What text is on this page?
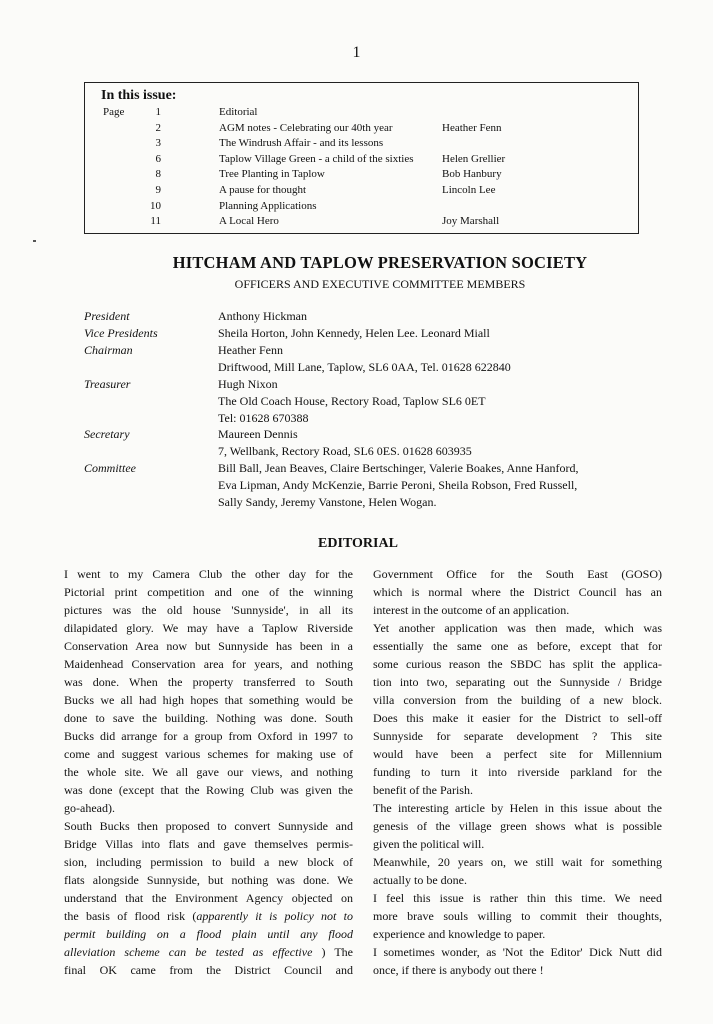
1
In this issue:
Page	1	Editorial
2	AGM notes - Celebrating our 40th year	Heather Fenn
3	The Windrush Affair - and its lessons
6	Taplow Village Green - a child of the sixties	Helen Grellier
8	Tree Planting in Taplow	Bob Hanbury
9	A pause for thought	Lincoln Lee
10	Planning Applications
11	A Local Hero	Joy Marshall
HITCHAM AND TAPLOW PRESERVATION SOCIETY
OFFICERS AND EXECUTIVE COMMITTEE MEMBERS
President	Anthony Hickman
Vice Presidents	Sheila Horton, John Kennedy, Helen Lee. Leonard Miall
Chairman	Heather Fenn
Driftwood, Mill Lane, Taplow, SL6 0AA, Tel. 01628 622840
Treasurer	Hugh Nixon
The Old Coach House, Rectory Road, Taplow SL6 0ET
Tel: 01628 670388
Secretary	Maureen Dennis
7, Wellbank, Rectory Road, SL6 0ES. 01628 603935
Committee	Bill Ball, Jean Beaves, Claire Bertschinger, Valerie Boakes, Anne Hanford,
Eva Lipman, Andy McKenzie, Barrie Peroni, Sheila Robson, Fred Russell,
Sally Sandy, Jeremy Vanstone, Helen Wogan.
EDITORIAL
I went to my Camera Club the other day for the
Pictorial print competition and one of the winning
pictures was the old house 'Sunnyside', in all its
dilapidated glory. We may have a Taplow Riverside
Conservation Area now but Sunnyside has been in a
Maidenhead Conservation area for years, and nothing
was done. When the property transferred to South
Bucks we all had high hopes that something would be
done to save the building. Nothing was done. South
Bucks did arrange for a group from Oxford in 1997 to
come and suggest various schemes for making use of
the whole site. We all gave our views, and nothing
was done (except that the Rowing Club was given the
go-ahead).
South Bucks then proposed to convert Sunnyside and
Bridge Villas into flats and gave themselves permis-
sion, including permission to build a new block of
flats alongside Sunnyside, but nothing was done. We
understand that the Environment Agency objected on
the basis of flood risk (apparently it is policy not to
permit building on a flood plain until any flood
alleviation scheme can be tested as effective ) The
final OK came from the District Council and
Government Office for the South East (GOSO)
which is normal where the District Council has an
interest in the outcome of an application.
Yet another application was then made, which was
essentially the same one as before, except that for
some curious reason the SBDC has split the applica-
tion into two, separating out the Sunnyside / Bridge
villa conversion from the building of a new block.
Does this make it easier for the District to sell-off
Sunnyside for separate development ? This site
would have been a perfect site for Millennium
funding to turn it into riverside parkland for the
benefit of the Parish.
The interesting article by Helen in this issue about the
genesis of the village green shows what is possible
given the political will.
Meanwhile, 20 years on, we still wait for something
actually to be done.
I feel this issue is rather thin this time. We need
more brave souls willing to commit their thoughts,
experience and knowledge to paper.
I sometimes wonder, as 'Not the Editor' Dick Nutt did
once, if there is anybody out there !
